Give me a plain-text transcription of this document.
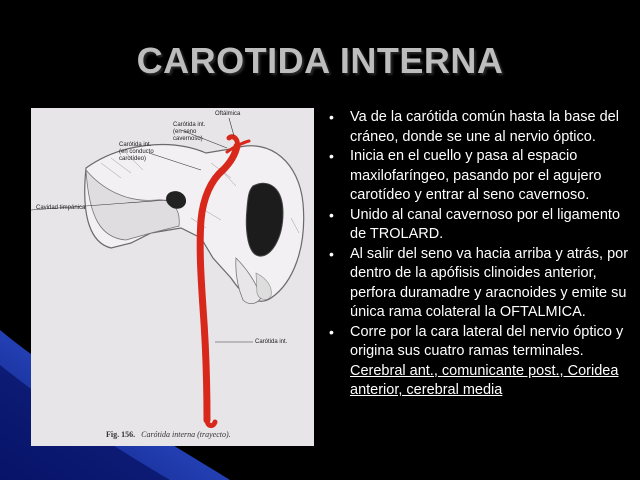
CAROTIDA INTERNA
Carótida int.
(en seno
cavernoso)
Oftálmica
Carótida int.
(en conducto
carotídeo)
Cavidad timpánica
Carótida int.
Fig. 156. Carótida interna (trayecto).
• Va de la carótida común hasta la base del cráneo, donde se une al nervio óptico.
• Inicia en el cuello y pasa al espacio maxilofaríngeo, pasando por el agujero carotídeo y entrar al seno cavernoso.
• Unido al canal cavernoso por el ligamento de TROLARD.
• Al salir del seno va hacia arriba y atrás, por dentro de la apófisis clinoides anterior, perfora duramadre y aracnoides y emite su única rama colateral la OFTALMICA.
• Corre por la cara lateral del nervio óptico y origina sus cuatro ramas terminales. Cerebral ant., comunicante post., Coridea anterior, cerebral media
